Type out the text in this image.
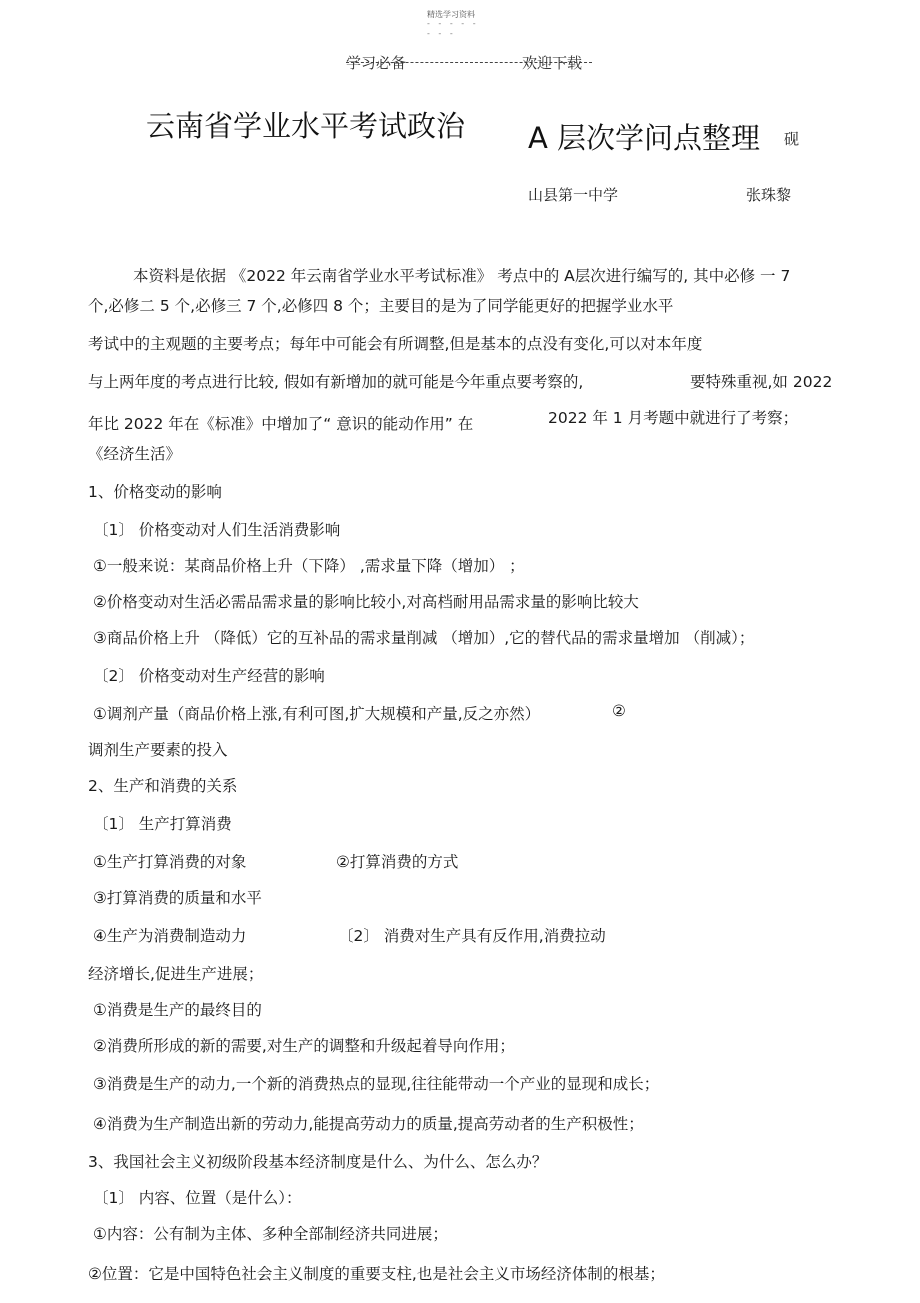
精选学习资料
- - - - -
- - -
学习必备	欢迎下载
云南省学业水平考试政治 A 层次学问点整理 砚
山县第一中学	张珠黎
本资料是依据 《2022 年云南省学业水平考试标准》 考点中的 A层次进行编写的, 其中必修 一 7
个,必修二 5 个,必修三 7 个,必修四 8 个；主要目的是为了同学能更好的把握学业水平
考试中的主观题的主要考点；每年中可能会有所调整,但是基本的点没有变化,可以对本年度
与上两年度的考点进行比较, 假如有新增加的就可能是今年重点要考察的,	要特殊重视,如 2022
年比 2022 年在《标准》中增加了“ 意识的能动作用” 在	2022 年 1 月考题中就进行了考察；
《经济生活》
1、价格变动的影响
〔1〕 价格变动对人们生活消费影响
①一般来说：某商品价格上升（下降） ,需求量下降（增加） ；
②价格变动对生活必需品需求量的影响比较小,对高档耐用品需求量的影响比较大
③商品价格上升 （降低）它的互补品的需求量削减 （增加）,它的替代品的需求量增加 （削减）；
〔2〕 价格变动对生产经营的影响
①调剂产量（商品价格上涨,有利可图,扩大规模和产量,反之亦然）	②
调剂生产要素的投入
2、生产和消费的关系
〔1〕 生产打算消费
①生产打算消费的对象	②打算消费的方式
③打算消费的质量和水平
④生产为消费制造动力	〔2〕 消费对生产具有反作用,消费拉动
经济增长,促进生产进展；
①消费是生产的最终目的
②消费所形成的新的需要,对生产的调整和升级起着导向作用；
③消费是生产的动力,一个新的消费热点的显现,往往能带动一个产业的显现和成长；
④消费为生产制造出新的劳动力,能提高劳动力的质量,提高劳动者的生产积极性；
3、我国社会主义初级阶段基本经济制度是什么、为什么、怎么办？
〔1〕 内容、位置（是什么）：
①内容：公有制为主体、多种全部制经济共同进展；
②位置：它是中国特色社会主义制度的重要支柱,也是社会主义市场经济体制的根基；
